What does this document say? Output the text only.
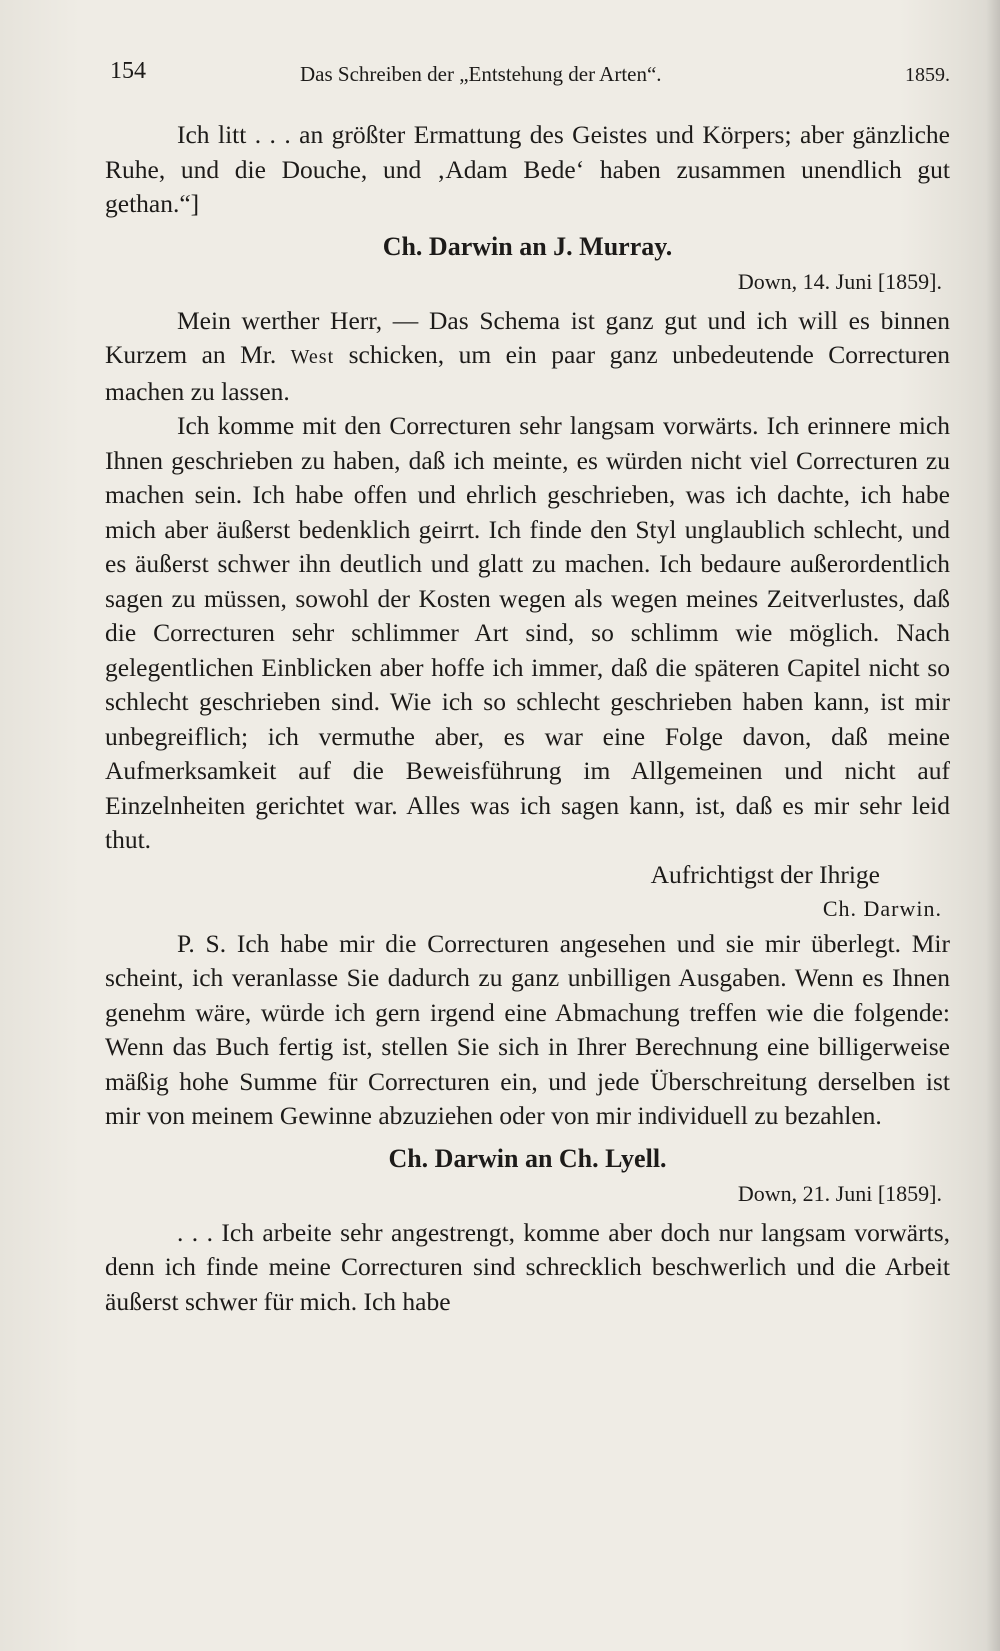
154	Das Schreiben der „Entstehung der Arten“.	1859.

Ich litt . . . an größter Ermattung des Geistes und Körpers; aber gänzliche Ruhe, und die Douche, und ‚Adam Bede‘ haben zusammen unendlich gut gethan.“]

Ch. Darwin an J. Murray.
Down, 14. Juni [1859].

Mein werther Herr, — Das Schema ist ganz gut und ich will es binnen Kurzem an Mr. West schicken, um ein paar ganz unbedeutende Correcturen machen zu lassen.

Ich komme mit den Correcturen sehr langsam vorwärts. Ich erinnere mich Ihnen geschrieben zu haben, daß ich meinte, es würden nicht viel Correcturen zu machen sein. Ich habe offen und ehrlich geschrieben, was ich dachte, ich habe mich aber äußerst bedenklich geirrt. Ich finde den Styl unglaublich schlecht, und es äußerst schwer ihn deutlich und glatt zu machen. Ich bedaure außerordentlich sagen zu müssen, sowohl der Kosten wegen als wegen meines Zeitverlustes, daß die Correcturen sehr schlimmer Art sind, so schlimm wie möglich. Nach gelegentlichen Einblicken aber hoffe ich immer, daß die späteren Capitel nicht so schlecht geschrieben sind. Wie ich so schlecht geschrieben haben kann, ist mir unbegreiflich; ich vermuthe aber, es war eine Folge davon, daß meine Aufmerksamkeit auf die Beweisführung im Allgemeinen und nicht auf Einzelnheiten gerichtet war. Alles was ich sagen kann, ist, daß es mir sehr leid thut.

Aufrichtigst der Ihrige
Ch. Darwin.

P. S. Ich habe mir die Correcturen angesehen und sie mir überlegt. Mir scheint, ich veranlasse Sie dadurch zu ganz unbilligen Ausgaben. Wenn es Ihnen genehm wäre, würde ich gern irgend eine Abmachung treffen wie die folgende: Wenn das Buch fertig ist, stellen Sie sich in Ihrer Berechnung eine billigerweise mäßig hohe Summe für Correcturen ein, und jede Überschreitung derselben ist mir von meinem Gewinne abzuziehen oder von mir individuell zu bezahlen.

Ch. Darwin an Ch. Lyell.
Down, 21. Juni [1859].

. . . Ich arbeite sehr angestrengt, komme aber doch nur langsam vorwärts, denn ich finde meine Correcturen sind schrecklich beschwerlich und die Arbeit äußerst schwer für mich. Ich habe
